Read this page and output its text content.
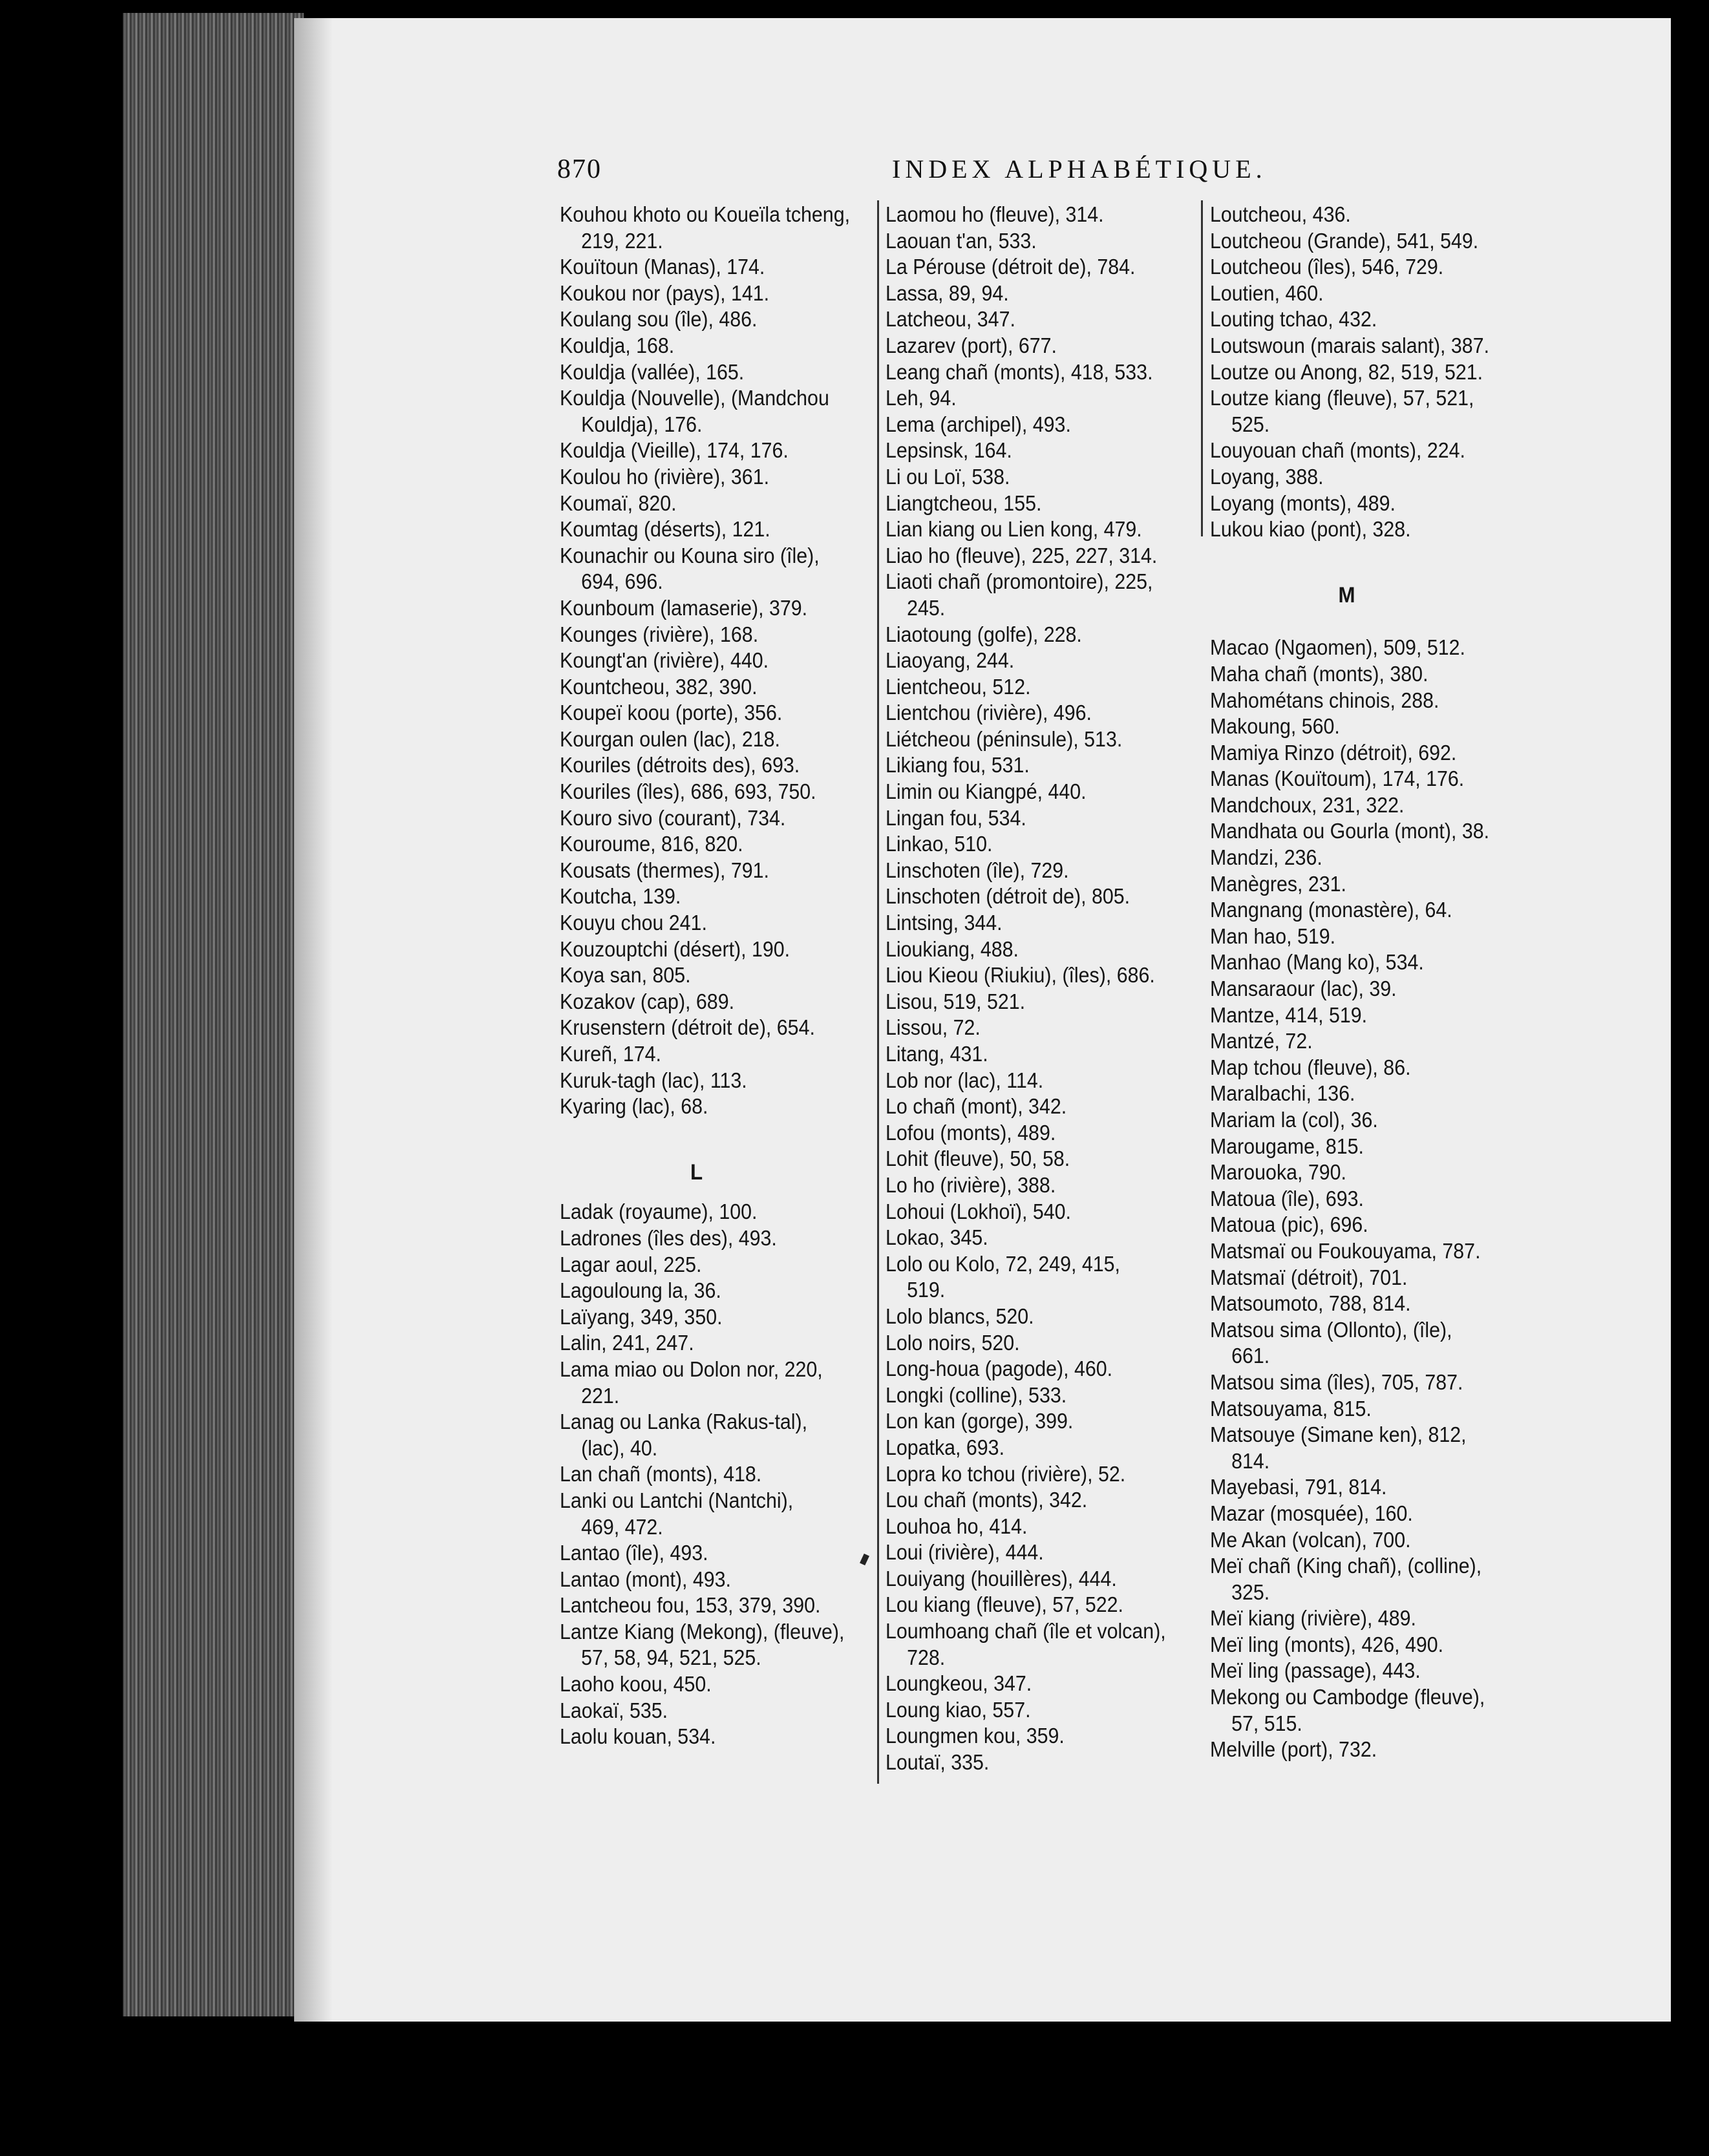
870	INDEX ALPHABÉTIQUE.
Kouhou khoto ou Koueïla tcheng,
219, 221.
Kouïtoun (Manas), 174.
Koukou nor (pays), 141.
Koulang sou (île), 486.
Kouldja, 168.
Kouldja (vallée), 165.
Kouldja (Nouvelle), (Mandchou
Kouldja), 176.
Kouldja (Vieille), 174, 176.
Koulou ho (rivière), 361.
Koumaï, 820.
Koumtag (déserts), 121.
Kounachir ou Kouna siro (île),
694, 696.
Kounboum (lamaserie), 379.
Kounges (rivière), 168.
Koungt'an (rivière), 440.
Kountcheou, 382, 390.
Koupeï koou (porte), 356.
Kourgan oulen (lac), 218.
Kouriles (détroits des), 693.
Kouriles (îles), 686, 693, 750.
Kouro sivo (courant), 734.
Kouroume, 816, 820.
Kousats (thermes), 791.
Koutcha, 139.
Kouyu chou 241.
Kouzouptchi (désert), 190.
Koya san, 805.
Kozakov (cap), 689.
Krusenstern (détroit de), 654.
Kureñ, 174.
Kuruk-tagh (lac), 113.
Kyaring (lac), 68.
L
Ladak (royaume), 100.
Ladrones (îles des), 493.
Lagar aoul, 225.
Lagouloung la, 36.
Laïyang, 349, 350.
Lalin, 241, 247.
Lama miao ou Dolon nor, 220,
221.
Lanag ou Lanka (Rakus-tal),
(lac), 40.
Lan chañ (monts), 418.
Lanki ou Lantchi (Nantchi),
469, 472.
Lantao (île), 493.
Lantao (mont), 493.
Lantcheou fou, 153, 379, 390.
Lantze Kiang (Mekong), (fleuve),
57, 58, 94, 521, 525.
Laoho koou, 450.
Laokaï, 535.
Laolu kouan, 534.
Laomou ho (fleuve), 314.
Laouan t'an, 533.
La Pérouse (détroit de), 784.
Lassa, 89, 94.
Latcheou, 347.
Lazarev (port), 677.
Leang chañ (monts), 418, 533.
Leh, 94.
Lema (archipel), 493.
Lepsinsk, 164.
Li ou Loï, 538.
Liangtcheou, 155.
Lian kiang ou Lien kong, 479.
Liao ho (fleuve), 225, 227, 314.
Liaoti chañ (promontoire), 225,
245.
Liaotoung (golfe), 228.
Liaoyang, 244.
Lientcheou, 512.
Lientchou (rivière), 496.
Liétcheou (péninsule), 513.
Likiang fou, 531.
Limin ou Kiangpé, 440.
Lingan fou, 534.
Linkao, 510.
Linschoten (île), 729.
Linschoten (détroit de), 805.
Lintsing, 344.
Lioukiang, 488.
Liou Kieou (Riukiu), (îles), 686.
Lisou, 519, 521.
Lissou, 72.
Litang, 431.
Lob nor (lac), 114.
Lo chañ (mont), 342.
Lofou (monts), 489.
Lohit (fleuve), 50, 58.
Lo ho (rivière), 388.
Lohoui (Lokhoï), 540.
Lokao, 345.
Lolo ou Kolo, 72, 249, 415,
519.
Lolo blancs, 520.
Lolo noirs, 520.
Long-houa (pagode), 460.
Longki (colline), 533.
Lon kan (gorge), 399.
Lopatka, 693.
Lopra ko tchou (rivière), 52.
Lou chañ (monts), 342.
Louhoa ho, 414.
Loui (rivière), 444.
Louiyang (houillères), 444.
Lou kiang (fleuve), 57, 522.
Loumhoang chañ (île et volcan),
728.
Loungkeou, 347.
Loung kiao, 557.
Loungmen kou, 359.
Loutaï, 335.
Loutcheou, 436.
Loutcheou (Grande), 541, 549.
Loutcheou (îles), 546, 729.
Loutien, 460.
Louting tchao, 432.
Loutswoun (marais salant), 387.
Loutze ou Anong, 82, 519, 521.
Loutze kiang (fleuve), 57, 521,
525.
Louyouan chañ (monts), 224.
Loyang, 388.
Loyang (monts), 489.
Lukou kiao (pont), 328.
M
Macao (Ngaomen), 509, 512.
Maha chañ (monts), 380.
Mahométans chinois, 288.
Makoung, 560.
Mamiya Rinzo (détroit), 692.
Manas (Kouïtoum), 174, 176.
Mandchoux, 231, 322.
Mandhata ou Gourla (mont), 38.
Mandzi, 236.
Manègres, 231.
Mangnang (monastère), 64.
Man hao, 519.
Manhao (Mang ko), 534.
Mansaraour (lac), 39.
Mantze, 414, 519.
Mantzé, 72.
Map tchou (fleuve), 86.
Maralbachi, 136.
Mariam la (col), 36.
Marougame, 815.
Marouoka, 790.
Matoua (île), 693.
Matoua (pic), 696.
Matsmaï ou Foukouyama, 787.
Matsmaï (détroit), 701.
Matsoumoto, 788, 814.
Matsou sima (Ollonto), (île),
661.
Matsou sima (îles), 705, 787.
Matsouyama, 815.
Matsouye (Simane ken), 812,
814.
Mayebasi, 791, 814.
Mazar (mosquée), 160.
Me Akan (volcan), 700.
Meï chañ (King chañ), (colline),
325.
Meï kiang (rivière), 489.
Meï ling (monts), 426, 490.
Meï ling (passage), 443.
Mekong ou Cambodge (fleuve),
57, 515.
Melville (port), 732.
